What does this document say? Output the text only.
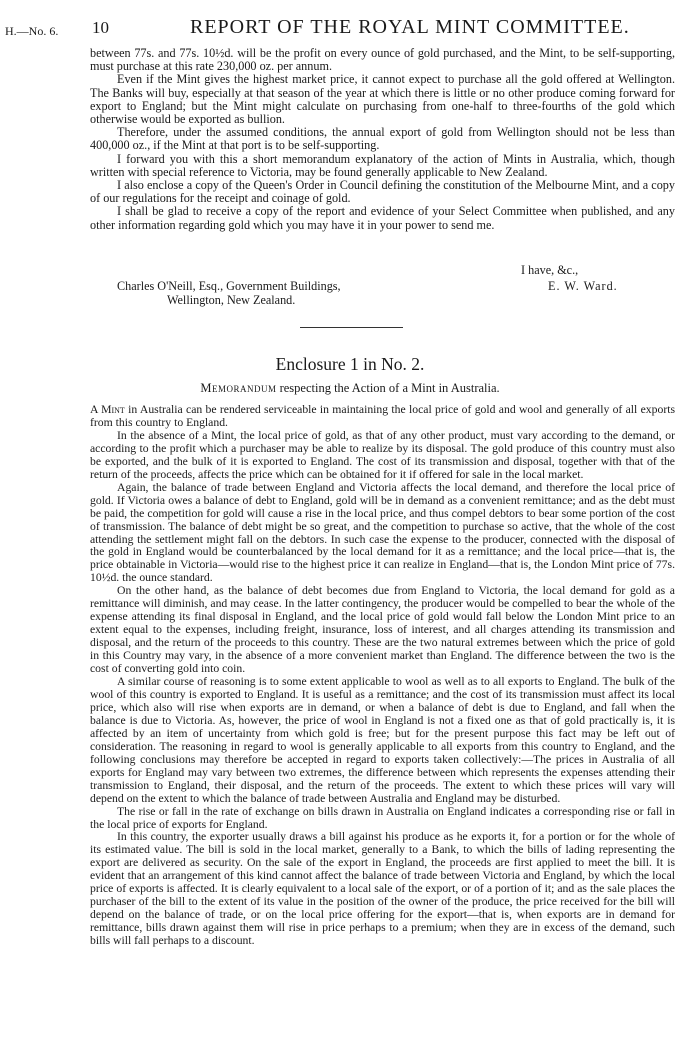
H.—No. 6. 10	REPORT OF THE ROYAL MINT COMMITTEE.

between 77s. and 77s. 10½d. will be the profit on every ounce of gold purchased, and the Mint, to be self-supporting, must purchase at this rate 230,000 oz. per annum.

Even if the Mint gives the highest market price, it cannot expect to purchase all the gold offered at Wellington. The Banks will buy, especially at that season of the year at which there is little or no other produce coming forward for export to England; but the Mint might calculate on purchasing from one-half to three-fourths of the gold which otherwise would be exported as bullion.

Therefore, under the assumed conditions, the annual export of gold from Wellington should not be less than 400,000 oz., if the Mint at that port is to be self-supporting.

I forward you with this a short memorandum explanatory of the action of Mints in Australia, which, though written with special reference to Victoria, may be found generally applicable to New Zealand.

I also enclose a copy of the Queen's Order in Council defining the constitution of the Melbourne Mint, and a copy of our regulations for the receipt and coinage of gold.

I shall be glad to receive a copy of the report and evidence of your Select Committee when published, and any other information regarding gold which you may have it in your power to send me.

I have, &c.,
Charles O'Neill, Esq., Government Buildings,	E. W. Ward.
Wellington, New Zealand.
Enclosure 1 in No. 2.
Memorandum respecting the Action of a Mint in Australia.

A Mint in Australia can be rendered serviceable in maintaining the local price of gold and wool and generally of all exports from this country to England.

In the absence of a Mint, the local price of gold, as that of any other product, must vary according to the demand, or according to the profit which a purchaser may be able to realize by its disposal. The gold produce of this country must also be exported, and the bulk of it is exported to England. The cost of its transmission and disposal, together with that of the return of the proceeds, affects the price which can be obtained for it if offered for sale in the local market.

Again, the balance of trade between England and Victoria affects the local demand, and therefore the local price of gold. If Victoria owes a balance of debt to England, gold will be in demand as a convenient remittance; and as the debt must be paid, the competition for gold will cause a rise in the local price, and thus compel debtors to bear some portion of the cost of transmission. The balance of debt might be so great, and the competition to purchase so active, that the whole of the cost attending the settlement might fall on the debtors. In such case the expense to the producer, connected with the disposal of the gold in England would be counterbalanced by the local demand for it as a remittance; and the local price—that is, the price obtainable in Victoria—would rise to the highest price it can realize in England—that is, the London Mint price of 77s. 10½d. the ounce standard.

On the other hand, as the balance of debt becomes due from England to Victoria, the local demand for gold as a remittance will diminish, and may cease. In the latter contingency, the producer would be compelled to bear the whole of the expense attending its final disposal in England, and the local price of gold would fall below the London Mint price to an extent equal to the expenses, including freight, insurance, loss of interest, and all charges attending its transmission and disposal, and the return of the proceeds to this country. These are the two natural extremes between which the price of gold in this Country may vary, in the absence of a more convenient market than England. The difference between the two is the cost of converting gold into coin.

A similar course of reasoning is to some extent applicable to wool as well as to all exports to England. The bulk of the wool of this country is exported to England. It is useful as a remittance; and the cost of its transmission must affect its local price, which also will rise when exports are in demand, or when a balance of debt is due to England, and fall when the balance is due to Victoria. As, however, the price of wool in England is not a fixed one as that of gold practically is, it is affected by an item of uncertainty from which gold is free; but for the present purpose this fact may be left out of consideration. The reasoning in regard to wool is generally applicable to all exports from this country to England, and the following conclusions may therefore be accepted in regard to exports taken collectively:—The prices in Australia of all exports for England may vary between two extremes, the difference between which represents the expenses attending their transmission to England, their disposal, and the return of the proceeds. The extent to which these prices will vary will depend on the extent to which the balance of trade between Australia and England may be disturbed.

The rise or fall in the rate of exchange on bills drawn in Australia on England indicates a corresponding rise or fall in the local price of exports for England.

In this country, the exporter usually draws a bill against his produce as he exports it, for a portion or for the whole of its estimated value. The bill is sold in the local market, generally to a Bank, to which the bills of lading representing the export are delivered as security. On the sale of the export in England, the proceeds are first applied to meet the bill. It is evident that an arrangement of this kind cannot affect the balance of trade between Victoria and England, by which the local price of exports is affected. It is clearly equivalent to a local sale of the export, or of a portion of it; and as the sale places the purchaser of the bill to the extent of its value in the position of the owner of the produce, the price received for the bill will depend on the balance of trade, or on the local price offering for the export—that is, when exports are in demand for remittance, bills drawn against them will rise in price perhaps to a premium; when they are in excess of the demand, such bills will fall perhaps to a discount.
